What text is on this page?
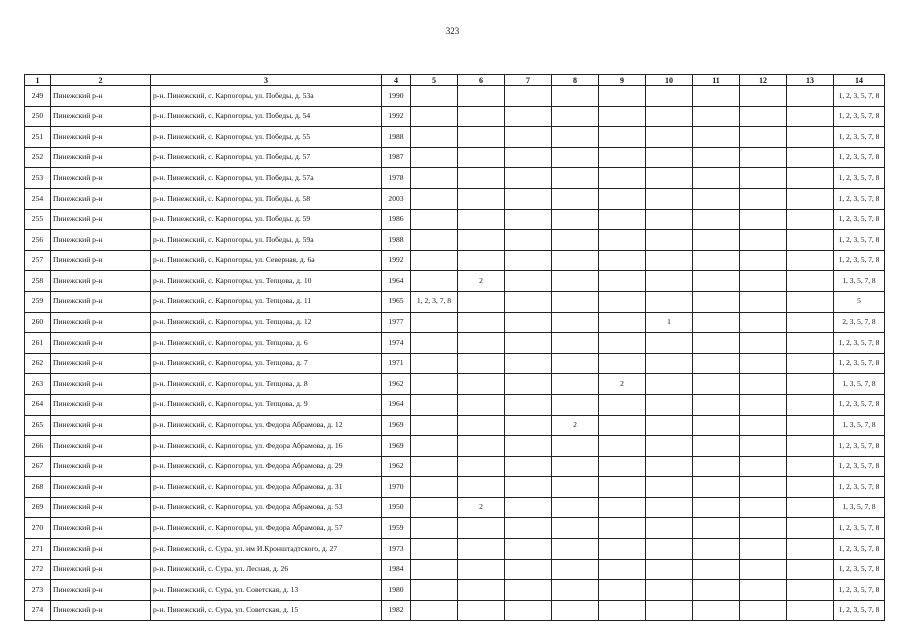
323
1	2	3	4	5	6	7	8	9	10	11	12	13	14
249	Пинежский р-н	р-н. Пинежский, с. Карпогоры, ул. Победы, д. 53а	1990										1, 2, 3, 5, 7, 8
250	Пинежский р-н	р-н. Пинежский, с. Карпогоры, ул. Победы, д. 54	1992										1, 2, 3, 5, 7, 8
251	Пинежский р-н	р-н. Пинежский, с. Карпогоры, ул. Победы, д. 55	1988										1, 2, 3, 5, 7, 8
252	Пинежский р-н	р-н. Пинежский, с. Карпогоры, ул. Победы, д. 57	1987										1, 2, 3, 5, 7, 8
253	Пинежский р-н	р-н. Пинежский, с. Карпогоры, ул. Победы, д. 57а	1978										1, 2, 3, 5, 7, 8
254	Пинежский р-н	р-н. Пинежский, с. Карпогоры, ул. Победы, д. 58	2003										1, 2, 3, 5, 7, 8
255	Пинежский р-н	р-н. Пинежский, с. Карпогоры, ул. Победы, д. 59	1986										1, 2, 3, 5, 7, 8
256	Пинежский р-н	р-н. Пинежский, с. Карпогоры, ул. Победы, д. 59а	1988										1, 2, 3, 5, 7, 8
257	Пинежский р-н	р-н. Пинежский, с. Карпогоры, ул. Северная, д. 6а	1992										1, 2, 3, 5, 7, 8
258	Пинежский р-н	р-н. Пинежский, с. Карпогоры, ул. Тепцова, д. 10	1964		2								1, 3, 5, 7, 8
259	Пинежский р-н	р-н. Пинежский, с. Карпогоры, ул. Тепцова, д. 11	1965	1, 2, 3, 7, 8									5
260	Пинежский р-н	р-н. Пинежский, с. Карпогоры, ул. Тепцова, д. 12	1977						1				2, 3, 5, 7, 8
261	Пинежский р-н	р-н. Пинежский, с. Карпогоры, ул. Тепцова, д. 6	1974										1, 2, 3, 5, 7, 8
262	Пинежский р-н	р-н. Пинежский, с. Карпогоры, ул. Тепцова, д. 7	1971										1, 2, 3, 5, 7, 8
263	Пинежский р-н	р-н. Пинежский, с. Карпогоры, ул. Тепцова, д. 8	1962					2					1, 3, 5, 7, 8
264	Пинежский р-н	р-н. Пинежский, с. Карпогоры, ул. Тепцова, д. 9	1964										1, 2, 3, 5, 7, 8
265	Пинежский р-н	р-н. Пинежский, с. Карпогоры, ул. Федора Абрамова, д. 12	1969				2						1, 3, 5, 7, 8
266	Пинежский р-н	р-н. Пинежский, с. Карпогоры, ул. Федора Абрамова, д. 16	1969										1, 2, 3, 5, 7, 8
267	Пинежский р-н	р-н. Пинежский, с. Карпогоры, ул. Федора Абрамова, д. 29	1962										1, 2, 3, 5, 7, 8
268	Пинежский р-н	р-н. Пинежский, с. Карпогоры, ул. Федора Абрамова, д. 31	1970										1, 2, 3, 5, 7, 8
269	Пинежский р-н	р-н. Пинежский, с. Карпогоры, ул. Федора Абрамова, д. 53	1950		2								1, 3, 5, 7, 8
270	Пинежский р-н	р-н. Пинежский, с. Карпогоры, ул. Федора Абрамова, д. 57	1959										1, 2, 3, 5, 7, 8
271	Пинежский р-н	р-н. Пинежский, с. Сура, ул. им И.Кронштадтского, д. 27	1973										1, 2, 3, 5, 7, 8
272	Пинежский р-н	р-н. Пинежский, с. Сура, ул. Лесная, д. 26	1984										1, 2, 3, 5, 7, 8
273	Пинежский р-н	р-н. Пинежский, с. Сура, ул. Советская, д. 13	1980										1, 2, 3, 5, 7, 8
274	Пинежский р-н	р-н. Пинежский, с. Сура, ул. Советская, д. 15	1982										1, 2, 3, 5, 7, 8
